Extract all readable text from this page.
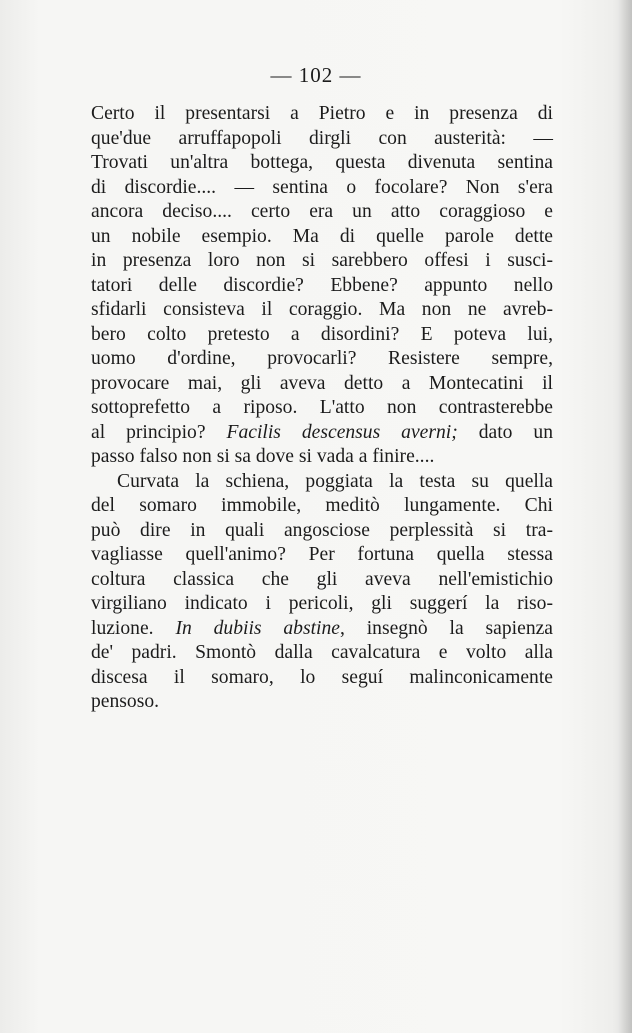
— 102 —

Certo il presentarsi a Pietro e in presenza di
que'due arruffapopoli dirgli con austerità: —
Trovati un'altra bottega, questa divenuta sentina
di discordie.... — sentina o focolare? Non s'era
ancora deciso.... certo era un atto coraggioso e
un nobile esempio. Ma di quelle parole dette
in presenza loro non si sarebbero offesi i susci-
tatori delle discordie? Ebbene? appunto nello
sfidarli consisteva il coraggio. Ma non ne avreb-
bero colto pretesto a disordini? E poteva lui,
uomo d'ordine, provocarli? Resistere sempre,
provocare mai, gli aveva detto a Montecatini il
sottoprefetto a riposo. L'atto non contrasterebbe
al principio? Facilis descensus averni; dato un
passo falso non si sa dove si vada a finire....

Curvata la schiena, poggiata la testa su quella
del somaro immobile, meditò lungamente. Chi
può dire in quali angosciose perplessità si tra-
vagliasse quell'animo? Per fortuna quella stessa
coltura classica che gli aveva nell'emistichio
virgiliano indicato i pericoli, gli suggerí la riso-
luzione. In dubiis abstine, insegnò la sapienza
de' padri. Smontò dalla cavalcatura e volto alla
discesa il somaro, lo seguí malinconicamente
pensoso.
